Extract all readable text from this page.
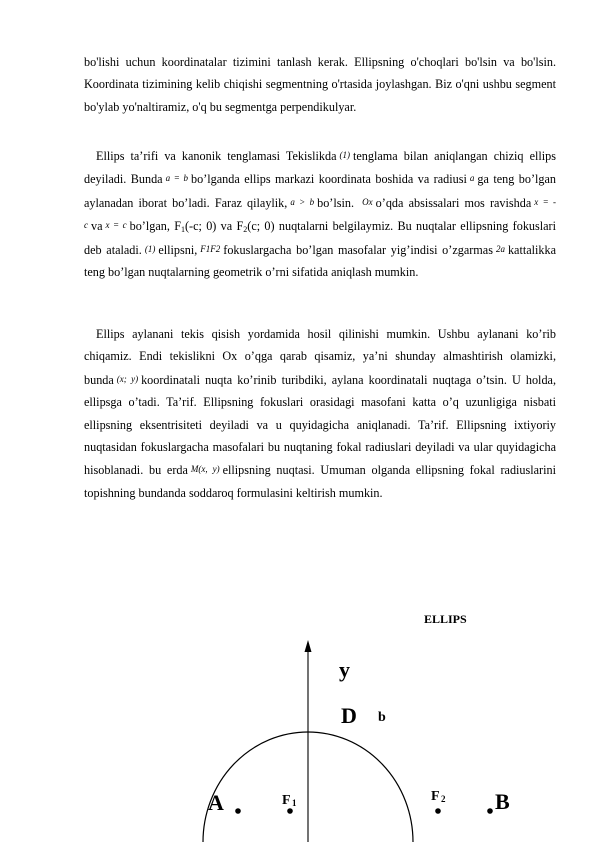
bo'lishi uchun koordinatalar tizimini tanlash kerak. Ellipsning o'choqlari bo'lsin va bo'lsin. Koordinata tizimining kelib chiqishi segmentning o'rtasida joylashgan. Biz o'qni ushbu segment bo'ylab yo'naltiramiz, o'q bu segmentga perpendikulyar.
Ellips ta’rifi va kanonik tenglamasi Tekislikda (1) tenglama bilan aniqlangan chiziq ellips deyiladi. Bunda a = b bo’lganda ellips markazi koordinata boshida va radiusi a ga teng bo’lgan aylanadan iborat bo’ladi. Faraz qilaylik, a > b bo’lsin. Ox o’qda absissalari mos ravishda x = - c va x = c bo’lgan, $F_1(-c$; 0) va $F_2(c$; 0) nuqtalarni belgilaymiz. Bu nuqtalar ellipsning fokuslari deb ataladi. (1) ellipsni, F1F2 fokuslargacha bo’lgan masofalar yig’indisi o’zgarmas 2a kattalikka teng bo’lgan nuqtalarning geometrik o’rni sifatida aniqlash mumkin.
Ellips aylanani tekis qisish yordamida hosil qilinishi mumkin. Ushbu aylanani ko’rib chiqamiz. Endi tekislikni Ox o’qga qarab qisamiz, ya’ni shunday almashtirish olamizki, bunda (x; y) koordinatali nuqta ko’rinib turibdiki, aylana koordinatali nuqtaga o’tsin. U holda, ellipsga o’tadi. Ta’rif. Ellipsning fokuslari orasidagi masofani katta o’q uzunligiga nisbati ellipsning eksentrisiteti deyiladi va u quyidagicha aniqlanadi. Ta’rif. Ellipsning ixtiyoriy nuqtasidan fokuslargacha masofalari bu nuqtaning fokal radiuslari deyiladi va ular quyidagicha hisoblanadi. bu erda M(x, y) ellipsning nuqtasi. Umuman olganda ellipsning fokal radiuslarini topishning bundanda soddaroq formulasini keltirish mumkin.
ELLIPS
y
D b
A	F 1	F 2 B
